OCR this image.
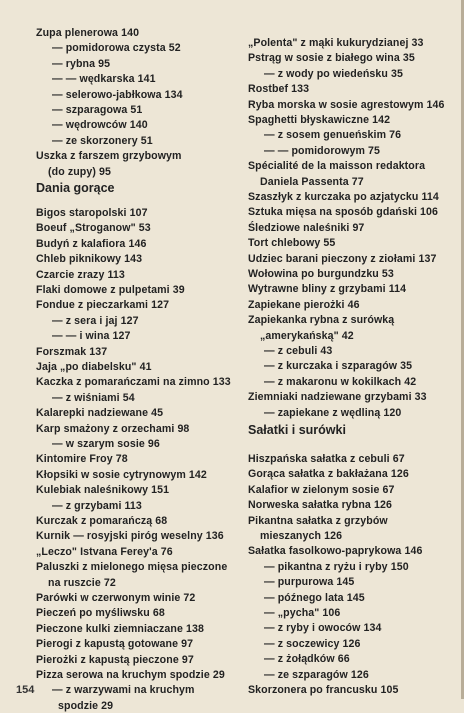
Zupa plenerowa 140
— pomidorowa czysta 52
— rybna 95
— — wędkarska 141
— selerowo-jabłkowa 134
— szparagowa 51
— wędrowców 140
— ze skorzonery 51
Uszka z farszem grzybowym
(do zupy) 95
Dania gorące
Bigos staropolski 107
Boeuf „Stroganow" 53
Budyń z kalafiora 146
Chleb piknikowy 143
Czarcie zrazy 113
Flaki domowe z pulpetami 39
Fondue z pieczarkami 127
— z sera i jaj 127
— — i wina 127
Forszmak 137
Jaja „po diabelsku" 41
Kaczka z pomarańczami na zimno 133
— z wiśniami 54
Kalarepki nadziewane 45
Karp smażony z orzechami 98
— w szarym sosie 96
Kintomire Froy 78
Kłopsiki w sosie cytrynowym 142
Kulebiak naleśnikowy 151
— z grzybami 113
Kurczak z pomarańczą 68
Kurnik — rosyjski piróg weselny 136
„Leczo" Istvana Ferey'a 76
Paluszki z mielonego mięsa pieczone
na ruszcie 72
Parówki w czerwonym winie 72
Pieczeń po myśliwsku 68
Pieczone kulki ziemniaczane 138
Pierogi z kapustą gotowane 97
Pierożki z kapustą pieczone 97
Pizza serowa na kruchym spodzie 29
— z warzywami na kruchym
spodzie 29
„Polenta" z mąki kukurydzianej 33
Pstrąg w sosie z białego wina 35
— z wody po wiedeńsku 35
Rostbef 133
Ryba morska w sosie agrestowym 146
Spaghetti błyskawiczne 142
— z sosem genueńskim 76
— — pomidorowym 75
Spécialité de la maisson redaktora
Daniela Passenta 77
Szaszłyk z kurczaka po azjatycku 114
Sztuka mięsa na sposób gdański 106
Śledziowe naleśniki 97
Tort chlebowy 55
Udziec barani pieczony z ziołami 137
Wołowina po burgundzku 53
Wytrawne bliny z grzybami 114
Zapiekane pierożki 46
Zapiekanka rybna z surówką
„amerykańską" 42
— z cebuli 43
— z kurczaka i szparagów 35
— z makaronu w kokilkach 42
Ziemniaki nadziewane grzybami 33
— zapiekane z wędliną 120
Sałatki i surówki
Hiszpańska sałatka z cebuli 67
Gorąca sałatka z bakłażana 126
Kalafior w zielonym sosie 67
Norweska sałatka rybna 126
Pikantna sałatka z grzybów
mieszanych 126
Sałatka fasolkowo-paprykowa 146
— pikantna z ryżu i ryby 150
— purpurowa 145
— późnego lata 145
— „pycha" 106
— z ryby i owoców 134
— z soczewicy 126
— z żołądków 66
— ze szparagów 126
Skorzonera po francusku 105
154
